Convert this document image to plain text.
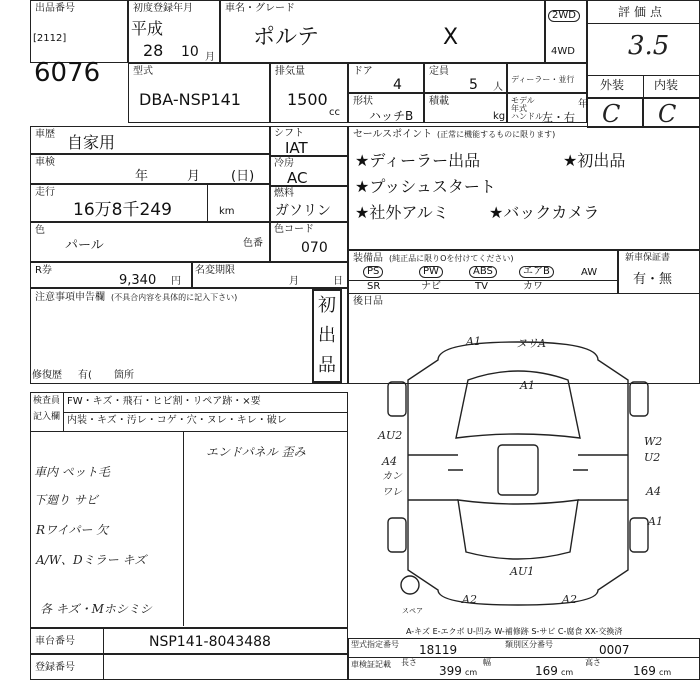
出品番号
[2112]
6076
初度登録年月
平成
28 10 月
車名・グレード
ポルテ	X
2WD
4WD
評価点
3.5
外装 内装
C C
型式
DBA-NSP141
排気量
1500
cc
ドア
4
定員
5 人
ディーラー・並行
形状
ハッチB
積載
kg
モデル年式	年
ハンドル 左・右
車歴 自家用
車検
年	月 (日)
走行
16万8千249	km
色
パール	色番
R券
9,340 円
名変期限
月	日
シフト
IAT
冷房
AC
燃料
ガソリン
色コード
070
セールスポイント (正常に機能するものに限ります)
★ディーラー出品	★初出品
★プッシュスタート
★社外アルミ	★バックカメラ
装備品 (純正品に限りOを付けてください)
PS	PW	ABS	エアB	AW
SR	ナビ	TV	カワ
新車保証書
有・無
注意事項申告欄 (不具合内容を具体的に記入下さい)	初
出
品
後日品
修復歴 有( 箇所
検査員
記入欄
FW・キズ・飛石・ヒビ割・リペア跡・×要
内装・キズ・汚レ・コゲ・穴・ヌレ・キレ・破レ
エンドパネル 歪み
車内 ペット毛
下廻り サビ
Rワイパー 欠
A/W、Dミラー キズ
各 キズ・Mホシミシ
A1	ヌリA
A1
AU2
A4
カン
ワレ
W2
U2
A4
A1
AU1
A2	A2
スペア
A-キズ E-エクボ U-凹み W-補修跡 S-サビ C-腐食 XX-交換済
車台番号	NSP141-8043488
登録番号
型式指定番号 18119	類別区分番号	0007
車検証記載 長さ
399 cm
幅
169 cm
高さ
169 cm
